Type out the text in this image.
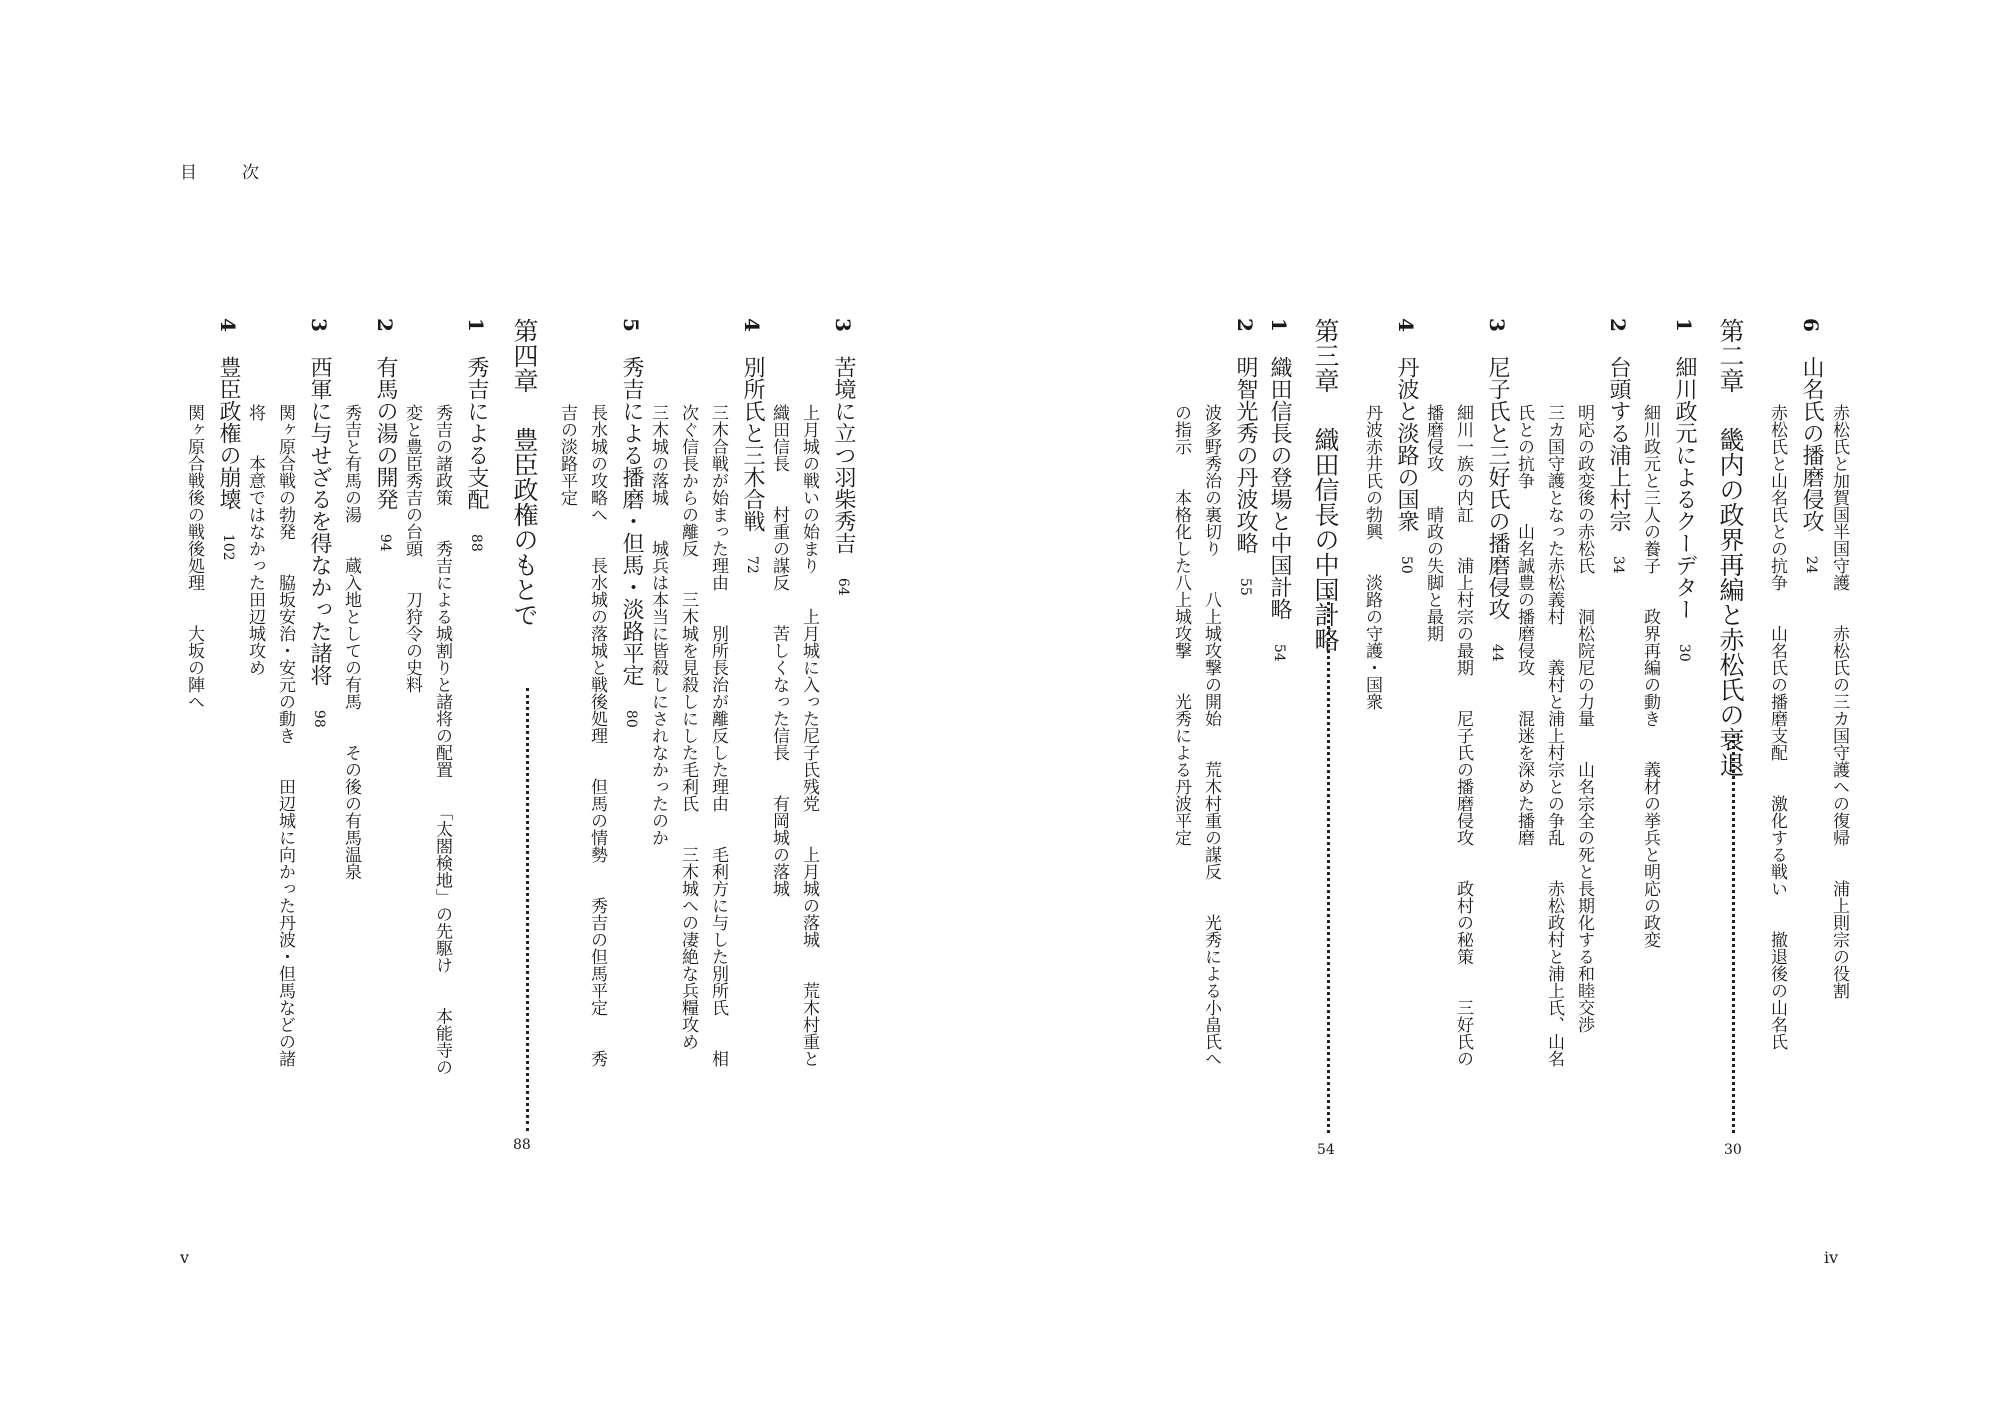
目　次
3苦境に立つ羽柴秀吉64
上月城の戦いの始まり　　上月城に入った尼子氏残党　　上月城の落城　　荒木村重と
織田信長　　村重の謀反　　苦しくなった信長　　有岡城の落城
4別所氏と三木合戦72
三木合戦が始まった理由　　別所長治が離反した理由　　毛利方に与した別所氏　　相
次ぐ信長からの離反　　三木城を見殺しにした毛利氏　　三木城への凄絶な兵糧攻め
三木城の落城　　城兵は本当に皆殺しにされなかったのか
5秀吉による播磨・但馬・淡路平定80
長水城の攻略へ　　長水城の落城と戦後処理　　但馬の情勢　　秀吉の但馬平定　　秀
吉の淡路平定
第四章豊臣政権のもとで
88
1秀吉による支配88
秀吉の諸政策　　秀吉による城割りと諸将の配置　　「太閤検地」の先駆け　　本能寺の
変と豊臣秀吉の台頭　　刀狩令の史料
2有馬の湯の開発94
秀吉と有馬の湯　　蔵入地としての有馬　　その後の有馬温泉
3西軍に与せざるを得なかった諸将98
関ヶ原合戦の勃発　　脇坂安治・安元の動き　　田辺城に向かった丹波・但馬などの諸
将　　本意ではなかった田辺城攻め
4豊臣政権の崩壊102
関ヶ原合戦後の戦後処理　　大坂の陣へ
v
赤松氏と加賀国半国守護　　赤松氏の三カ国守護への復帰　　浦上則宗の役割
6山名氏の播磨侵攻24
赤松氏と山名氏との抗争　　山名氏の播磨支配　　激化する戦い　　撤退後の山名氏
第二章畿内の政界再編と赤松氏の衰退
30
1細川政元によるクーデター30
細川政元と三人の養子　　政界再編の動き　　義材の挙兵と明応の政変
2台頭する浦上村宗34
明応の政変後の赤松氏　　洞松院尼の力量　　山名宗全の死と長期化する和睦交渉
三カ国守護となった赤松義村　　義村と浦上村宗との争乱　　赤松政村と浦上氏、山名
氏との抗争　　山名誠豊の播磨侵攻　　混迷を深めた播磨
3尼子氏と三好氏の播磨侵攻44
細川一族の内訌　　浦上村宗の最期　　尼子氏の播磨侵攻　　政村の秘策　　三好氏の
播磨侵攻　　晴政の失脚と最期
4丹波と淡路の国衆50
丹波赤井氏の勃興　　淡路の守護・国衆
第三章織田信長の中国計略
54
1織田信長の登場と中国計略54
2明智光秀の丹波攻略55
波多野秀治の裏切り　　八上城攻撃の開始　　荒木村重の謀反　　光秀による小畠氏へ
の指示　　本格化した八上城攻撃　　光秀による丹波平定
iv
